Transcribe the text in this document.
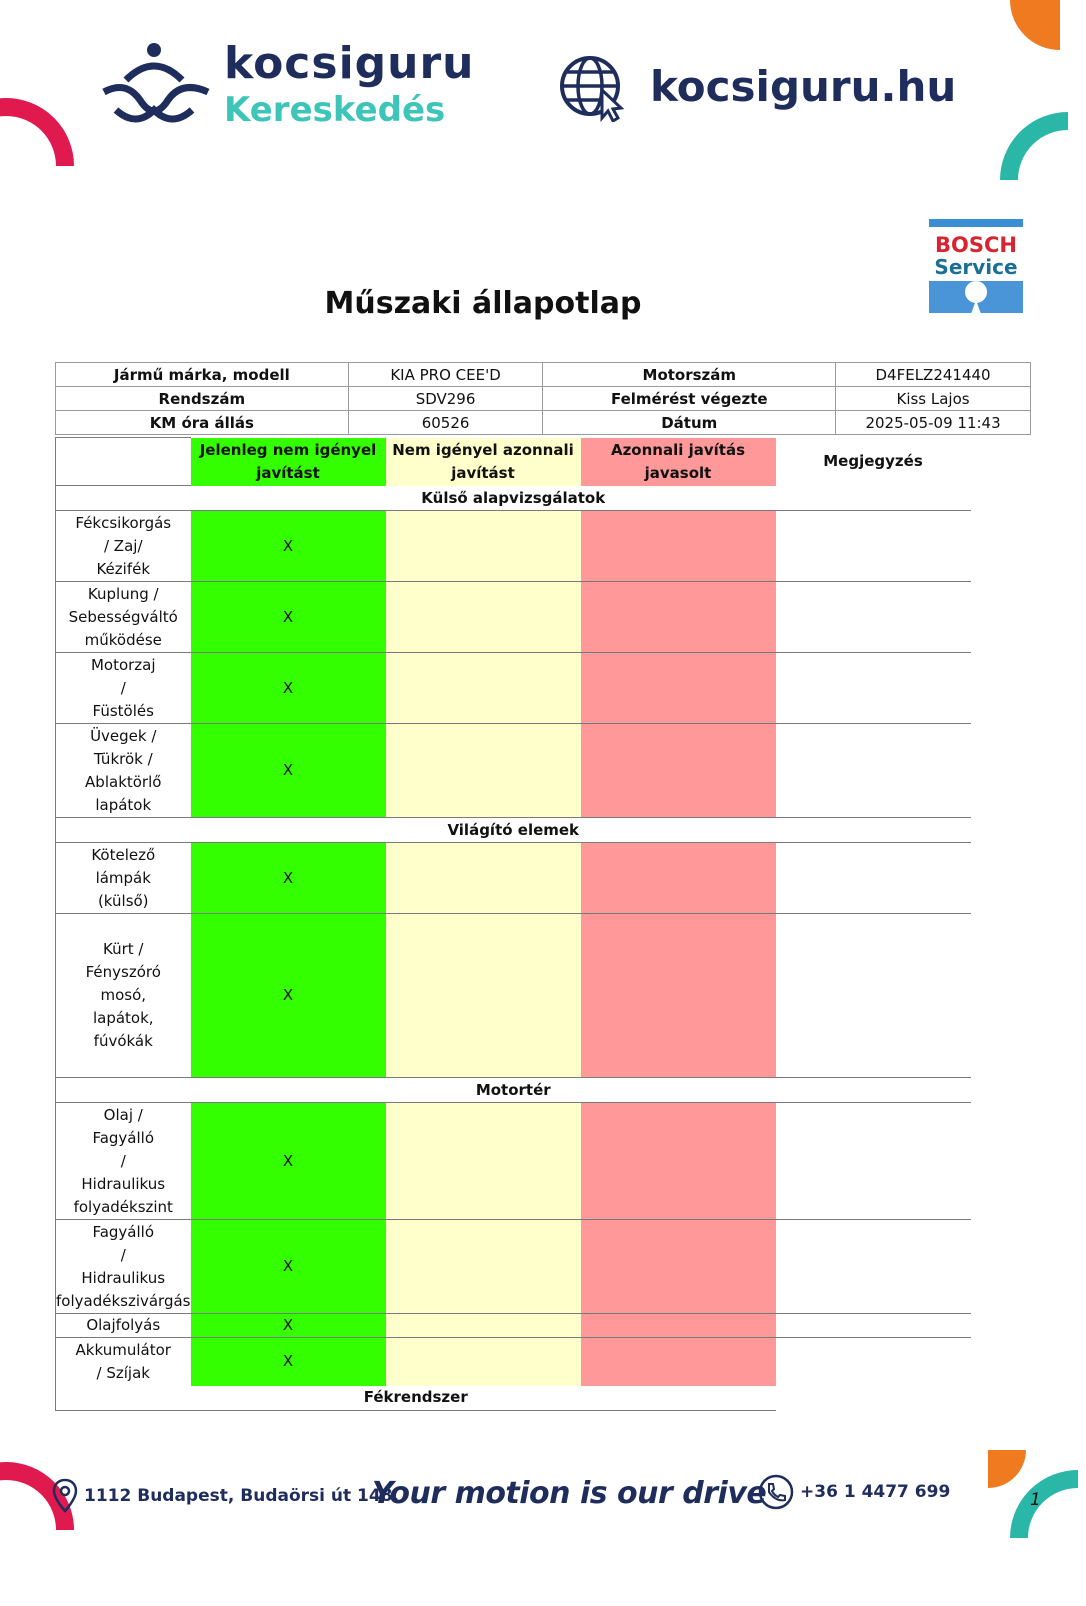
kocsiguru
Kereskedés	kocsiguru.hu
BOSCH
Service
Műszaki állapotlap
Jármű márka, modell	KIA PRO CEE'D	Motorszám	D4FELZ241440
Rendszám	SDV296	Felmérést végezte	Kiss Lajos
KM óra állás	60526	Dátum	2025-05-09 11:43
	Jelenleg nem igényel javítást	Nem igényel azonnali javítást	Azonnali javítás javasolt	Megjegyzés
Külső alapvizsgálatok				

Fékcsikorgás
/ Zaj/
Kézifék	X			

Kuplung /
Sebességváltó
működése	X			

Motorzaj
/
Füstölés	X			

Üvegek /
Tükrök /
Ablaktörlő
lapátok	X			
Világító elemek				

Kötelező
lámpák
(külső)	X			

Kürt /
Fényszóró
mosó,
lapátok,
fúvókák	X			
Motortér				

Olaj /
Fagyálló
/
Hidraulikus
folyadékszint	X			

Fagyálló
/
Hidraulikus
folyadékszivárgás	X			

Olajfolyás	X			

Akkumulátor
/ Szíjak	X			
Fékrendszer				
1112 Budapest, Budaörsi út 148.
Your motion is our drive +36 1 4477 699	1
